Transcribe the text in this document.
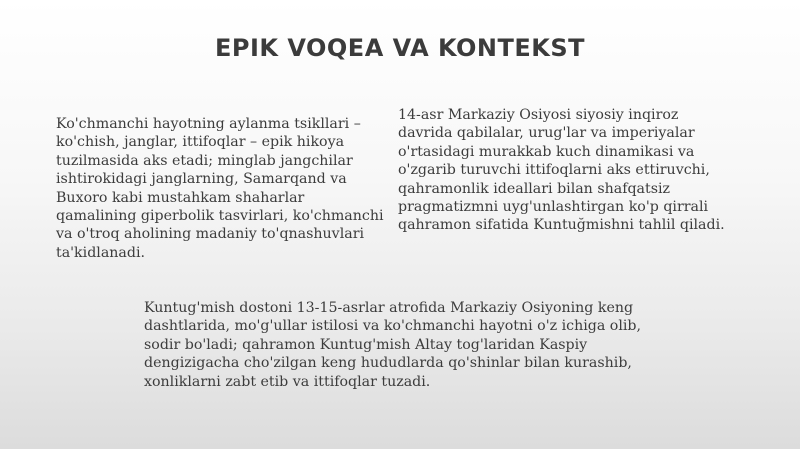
EPIK VOQEA VA KONTEKST

Ko'chmanchi hayotning aylanma tsikllari – ko'chish, janglar, ittifoqlar – epik hikoya tuzilmasida aks etadi; minglab jangchilar ishtirokidagi janglarning, Samarqand va Buxoro kabi mustahkam shaharlar qamalining giperbolik tasvirlari, ko'chmanchi va o'troq aholining madaniy to'qnashuvlari ta'kidlanadi.

14-asr Markaziy Osiyosi siyosiy inqiroz davrida qabilalar, urug'lar va imperiyalar o'rtasidagi murakkab kuch dinamikasi va o'zgarib turuvchi ittifoqlarni aks ettiruvchi, qahramonlik ideallari bilan shafqatsiz pragmatizmni uyg'unlashtirgan ko'p qirrali qahramon sifatida Kuntuğmishni tahlil qiladi.

Kuntug'mish dostoni 13-15-asrlar atrofida Markaziy Osiyoning keng dashtlarida, mo'g'ullar istilosi va ko'chmanchi hayotni o'z ichiga olib, sodir bo'ladi; qahramon Kuntug'mish Altay tog'laridan Kaspiy dengizigacha cho'zilgan keng hududlarda qo'shinlar bilan kurashib, xonliklarni zabt etib va ittifoqlar tuzadi.
